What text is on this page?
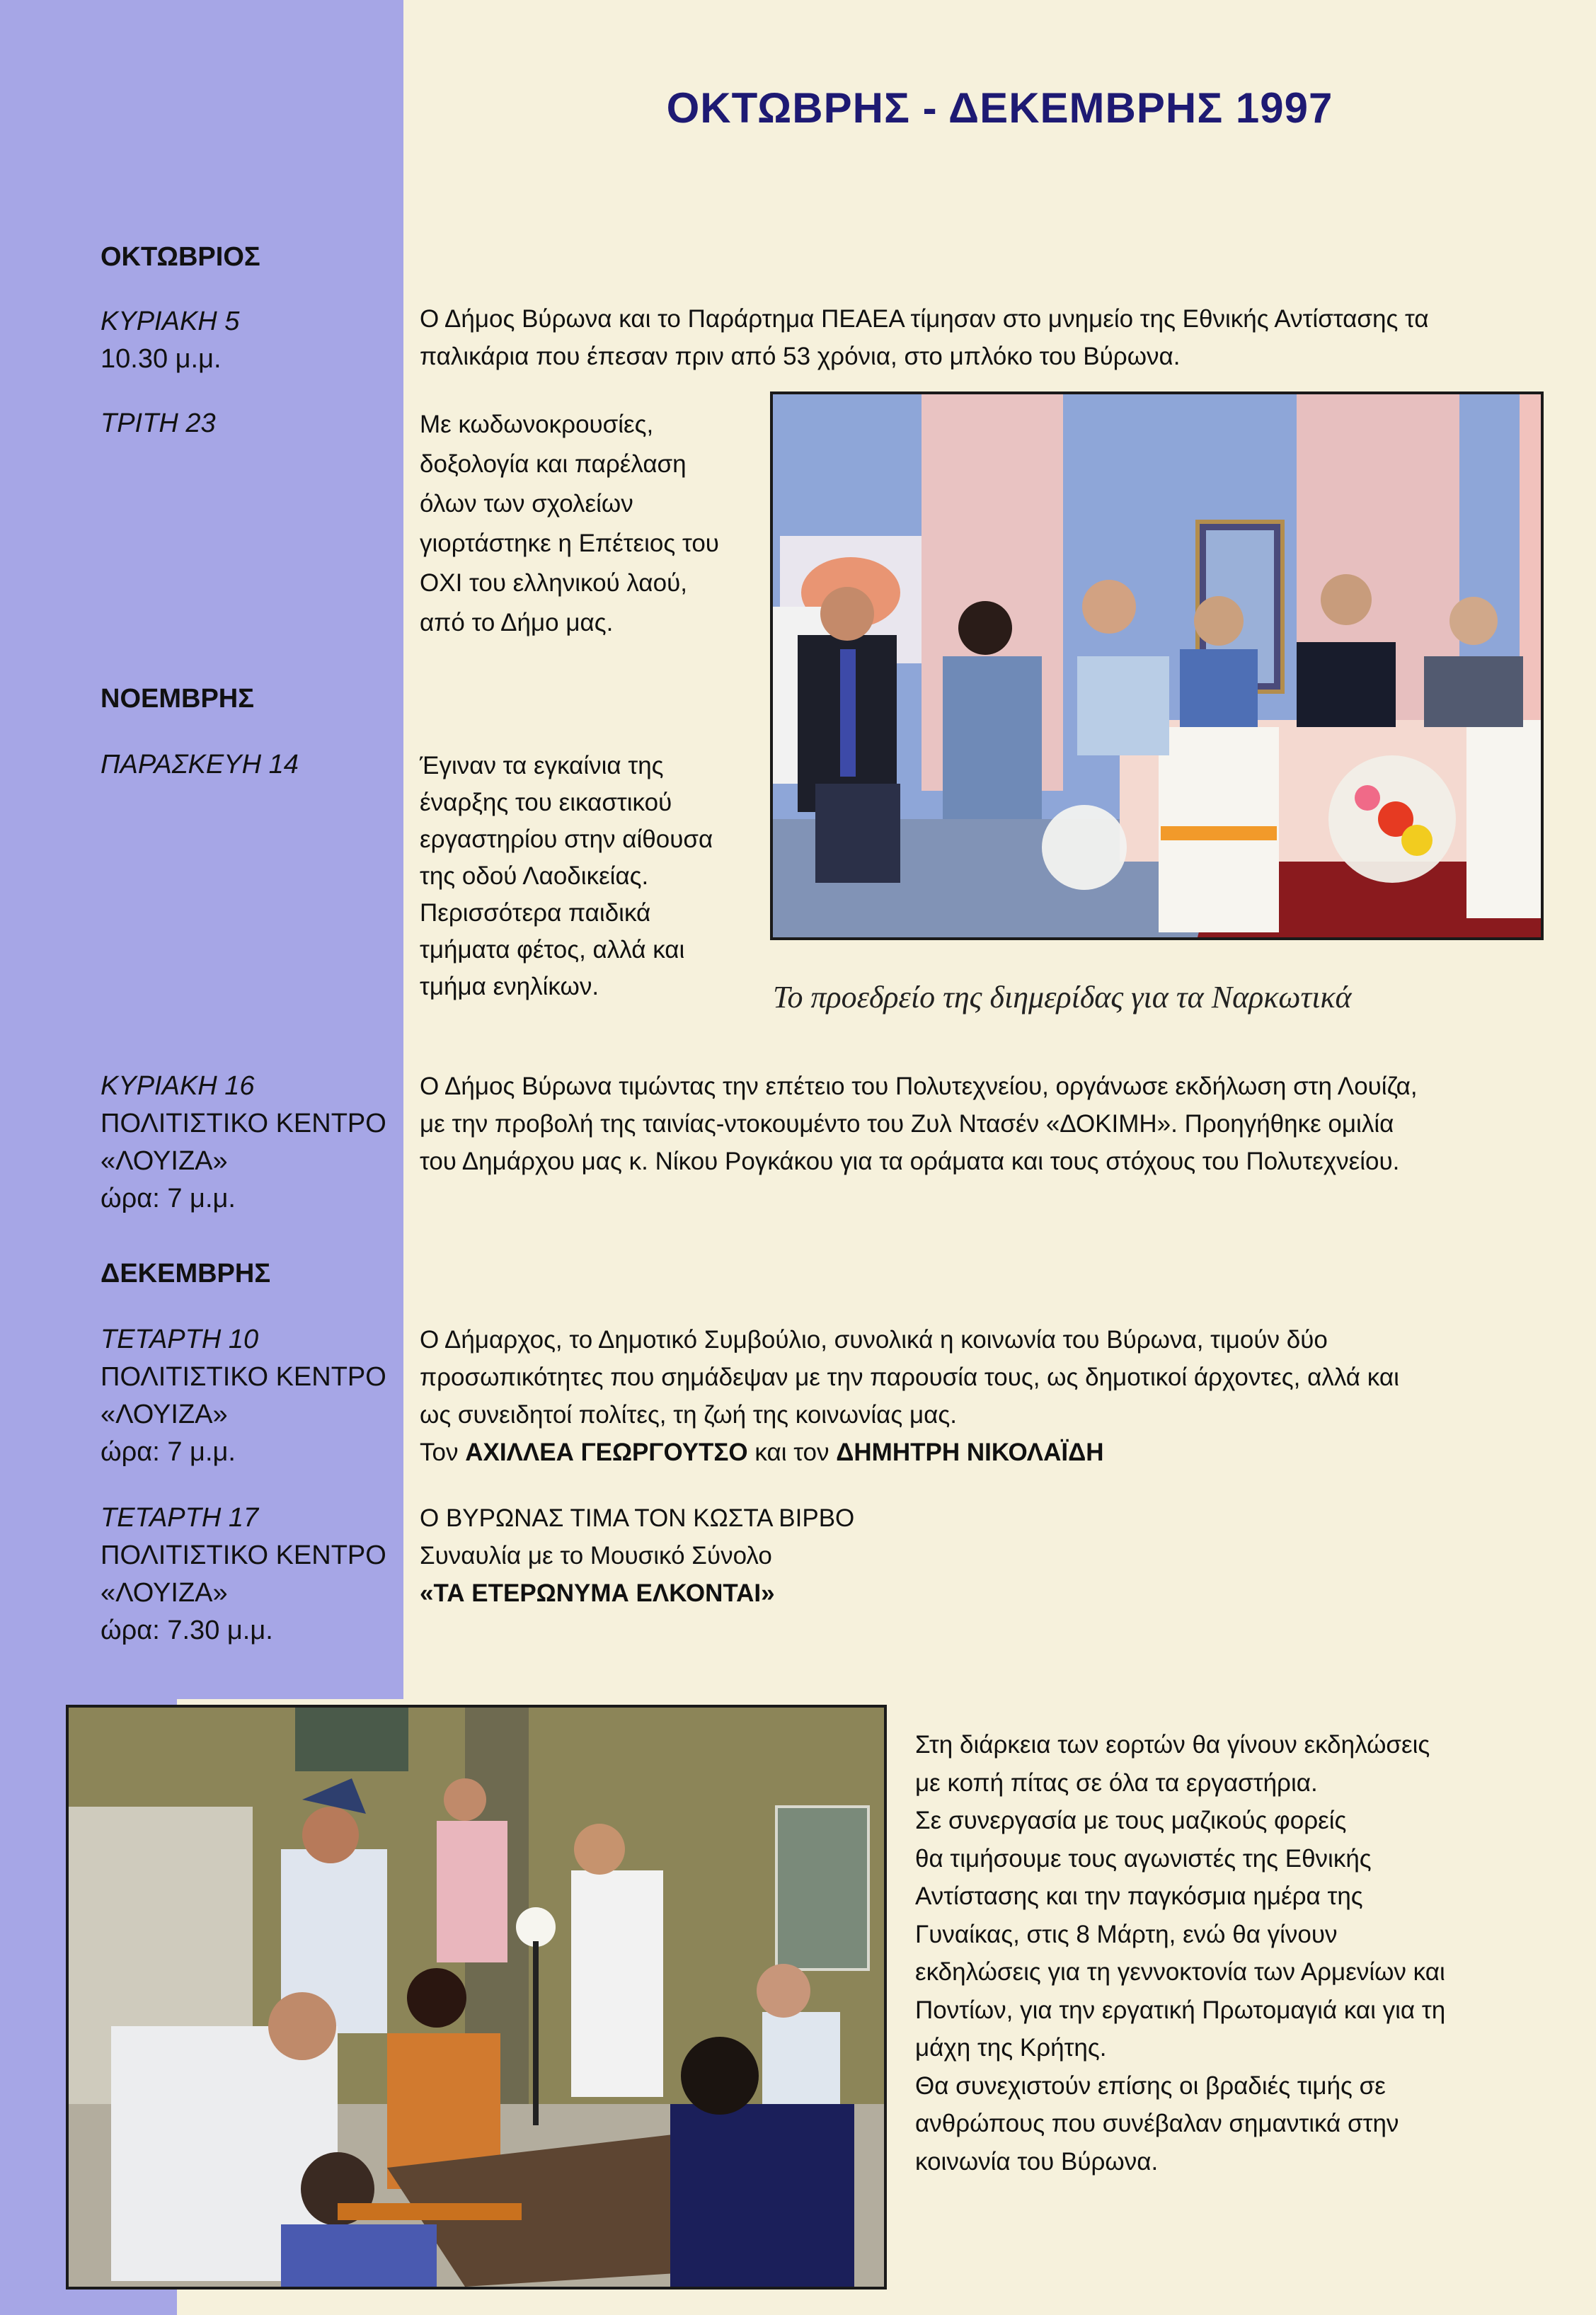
ΟΚΤΩΒΡΗΣ - ΔΕΚΕΜΒΡΗΣ 1997
ΟΚΤΩΒΡΙΟΣ
ΚΥΡΙΑΚΗ 5
10.30 μ.μ.
Ο Δήμος Βύρωνα και το Παράρτημα ΠΕΑΕΑ τίμησαν στο μνημείο της Εθνικής Αντίστασης τα
παλικάρια που έπεσαν πριν από 53 χρόνια, στο μπλόκο του Βύρωνα.
ΤΡΙΤΗ 23	Με κωδωνοκρουσίες,
δοξολογία και παρέλαση
όλων των σχολείων
γιορτάστηκε η Επέτειος του
ΟΧΙ του ελληνικού λαού,
από το Δήμο μας.
Το προεδρείο της διημερίδας για τα Ναρκωτικά
ΝΟΕΜΒΡΗΣ
ΠΑΡΑΣΚΕΥΗ 14	Έγιναν τα εγκαίνια της
έναρξης του εικαστικού
εργαστηρίου στην αίθουσα
της οδού Λαοδικείας.
Περισσότερα παιδικά
τμήματα φέτος, αλλά και
τμήμα ενηλίκων.
ΚΥΡΙΑΚΗ 16
ΠΟΛΙΤΙΣΤΙΚΟ ΚΕΝΤΡΟ
«ΛΟΥΙΖΑ»
ώρα: 7 μ.μ.
Ο Δήμος Βύρωνα τιμώντας την επέτειο του Πολυτεχνείου, οργάνωσε εκδήλωση στη Λουίζα,
με την προβολή της ταινίας-ντοκουμέντο του Ζυλ Ντασέν «ΔΟΚΙΜΗ». Προηγήθηκε ομιλία
του Δημάρχου μας κ. Νίκου Ρογκάκου για τα οράματα και τους στόχους του Πολυτεχνείου.
ΔΕΚΕΜΒΡΗΣ
ΤΕΤΑΡΤΗ 10
ΠΟΛΙΤΙΣΤΙΚΟ ΚΕΝΤΡΟ
«ΛΟΥΙΖΑ»
ώρα: 7 μ.μ.
Ο Δήμαρχος, το Δημοτικό Συμβούλιο, συνολικά η κοινωνία του Βύρωνα, τιμούν δύο
προσωπικότητες που σημάδεψαν με την παρουσία τους, ως δημοτικοί άρχοντες, αλλά και
ως συνειδητοί πολίτες, τη ζωή της κοινωνίας μας.
Τον ΑΧΙΛΛΕΑ ΓΕΩΡΓΟΥΤΣΟ και τον ΔΗΜΗΤΡΗ ΝΙΚΟΛΑΪΔΗ
ΤΕΤΑΡΤΗ 17
ΠΟΛΙΤΙΣΤΙΚΟ ΚΕΝΤΡΟ
«ΛΟΥΙΖΑ»
ώρα: 7.30 μ.μ.
Ο ΒΥΡΩΝΑΣ ΤΙΜΑ ΤΟΝ ΚΩΣΤΑ ΒΙΡΒΟ
Συναυλία με το Μουσικό Σύνολο
«ΤΑ ΕΤΕΡΩΝΥΜΑ ΕΛΚΟΝΤΑΙ»
Στη διάρκεια των εορτών θα γίνουν εκδηλώσεις
με κοπή πίτας σε όλα τα εργαστήρια.
Σε συνεργασία με τους μαζικούς φορείς
θα τιμήσουμε τους αγωνιστές της Εθνικής
Αντίστασης και την παγκόσμια ημέρα της
Γυναίκας, στις 8 Μάρτη, ενώ θα γίνουν
εκδηλώσεις για τη γεννοκτονία των Αρμενίων και
Ποντίων, για την εργατική Πρωτομαγιά και για τη
μάχη της Κρήτης.
Θα συνεχιστούν επίσης οι βραδιές τιμής σε
ανθρώπους που συνέβαλαν σημαντικά στην
κοινωνία του Βύρωνα.
